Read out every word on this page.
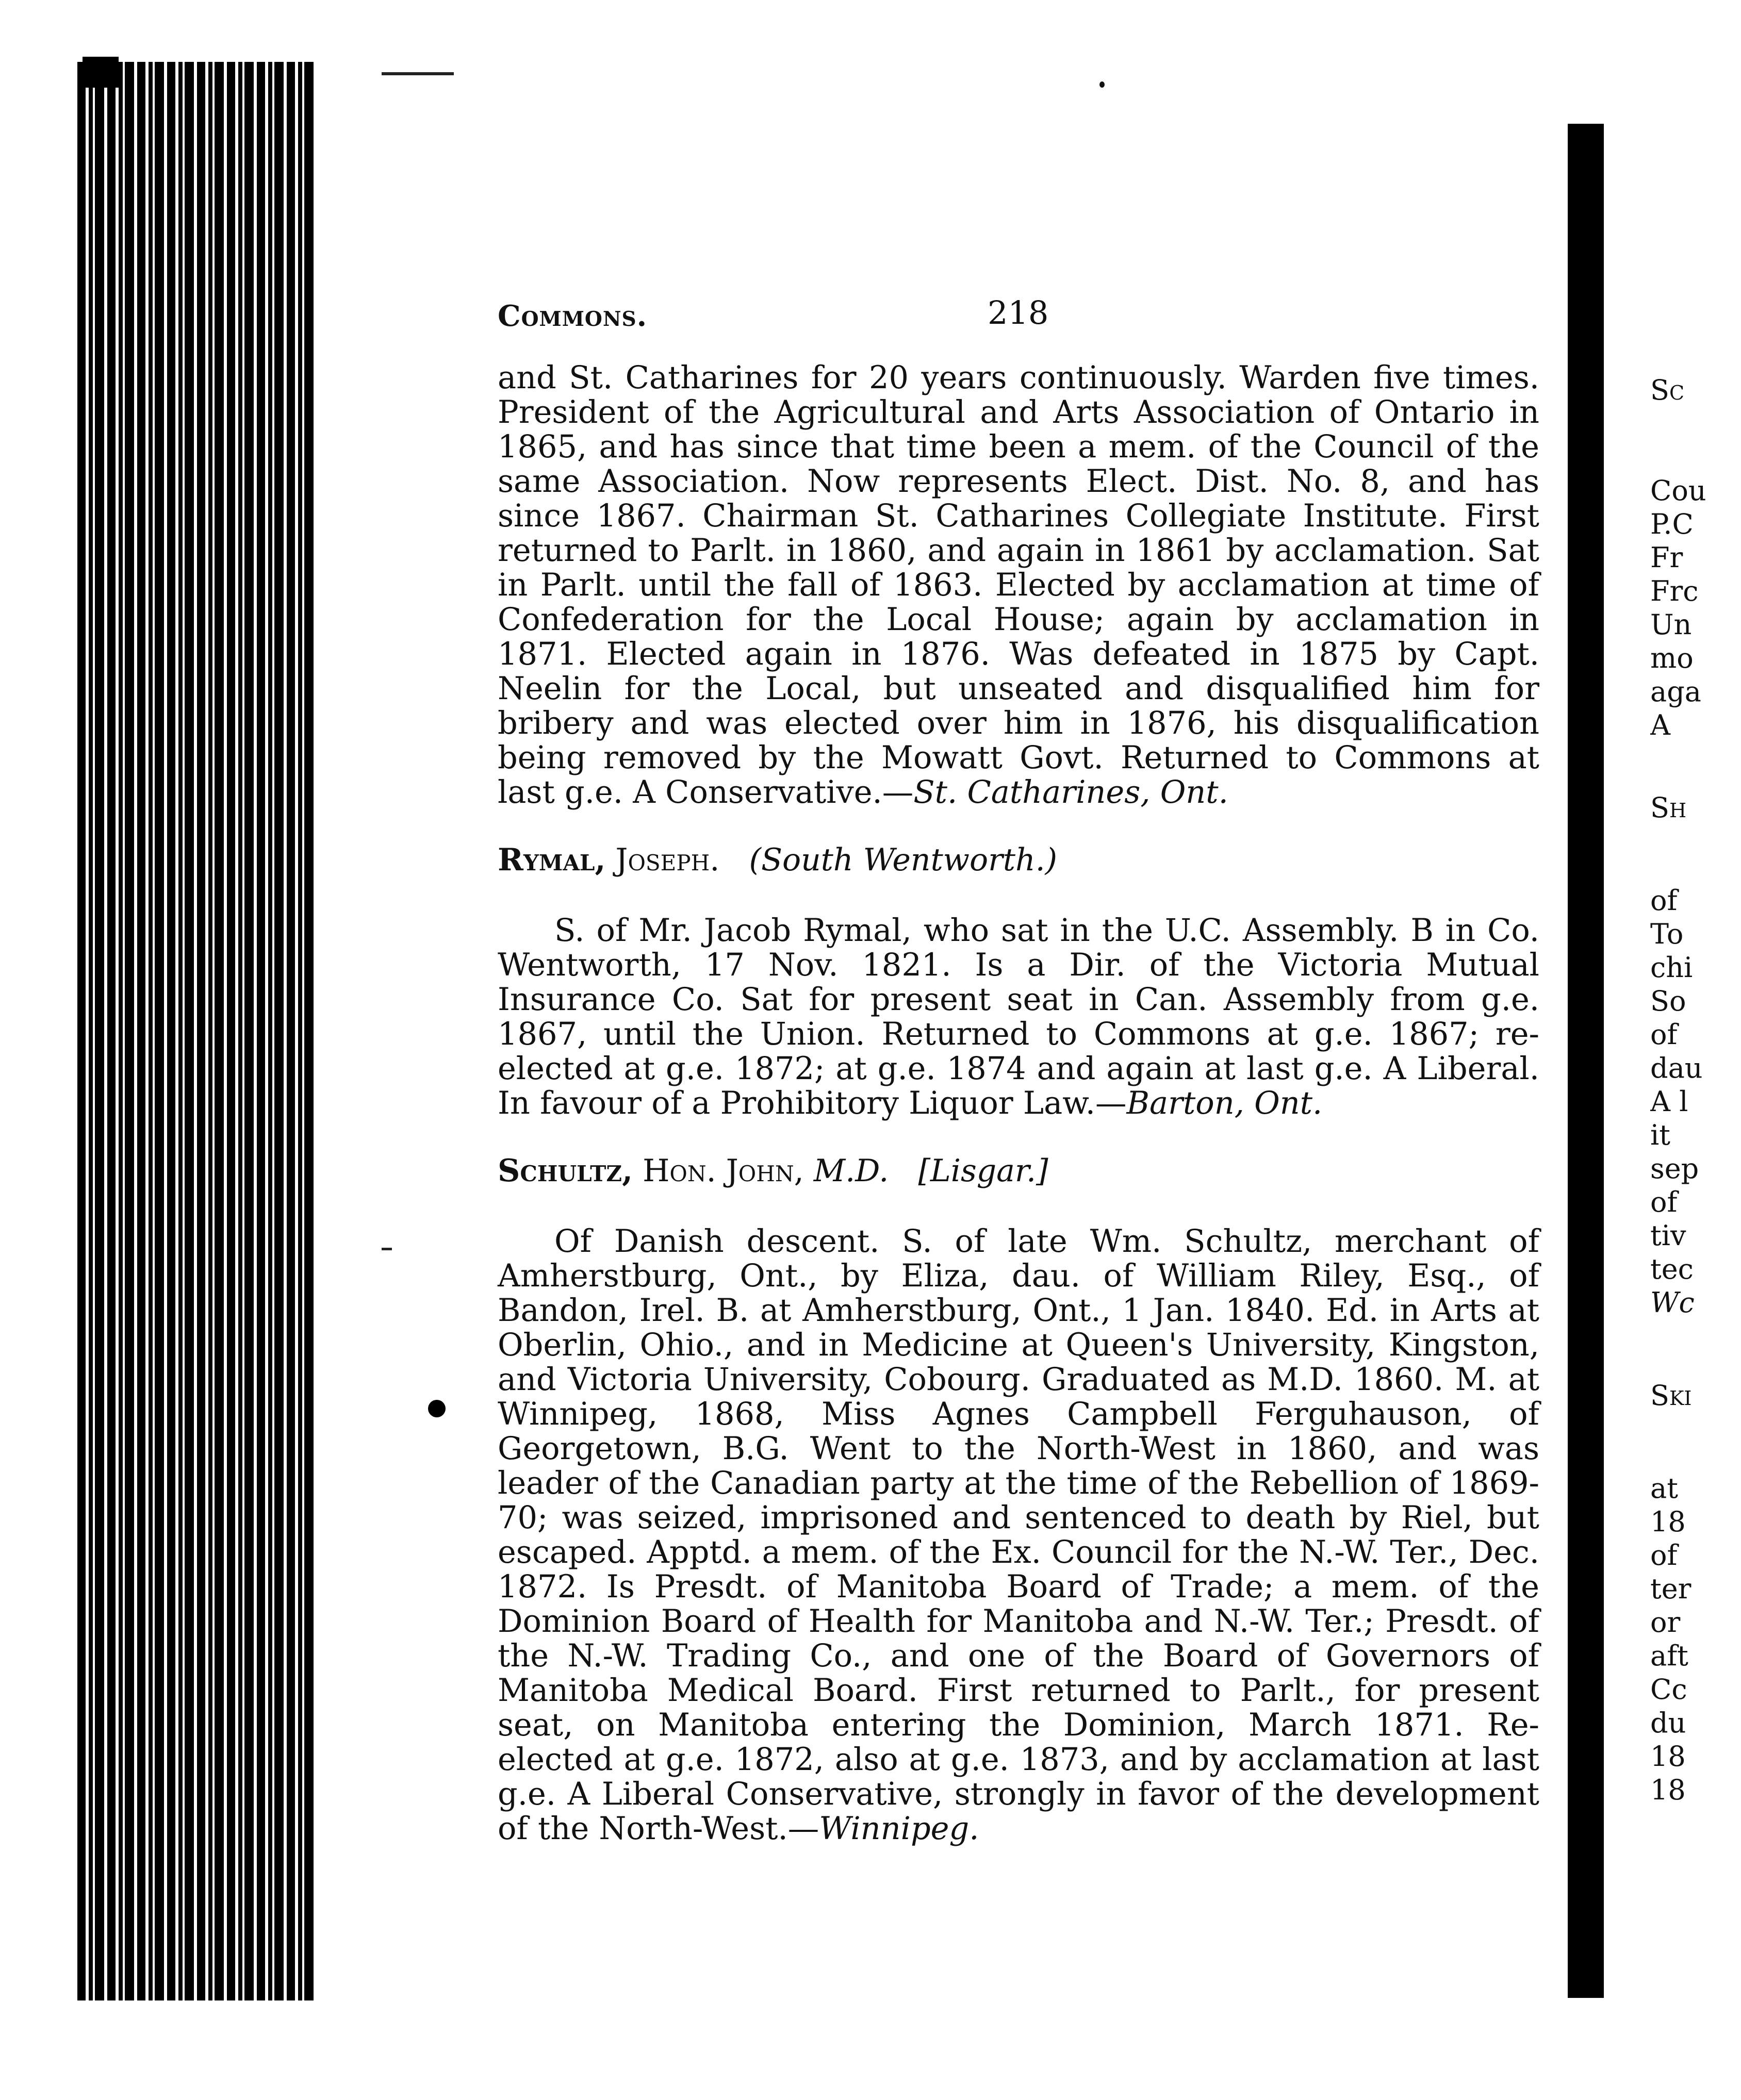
Sc
Cou
P.C
Fr
Frc
Un
mo
aga
A
Sh
of
To
chi
So
of
dau
A l
it
sep
of
tiv
tec
Wc
Ski
at
18
of
ter
or
aft
Cc
du
18
18
Commons.	218

and St. Catharines for 20 years continuously. Warden five times. President of the Agricultural and Arts Association of Ontario in 1865, and has since that time been a mem. of the Council of the same Association. Now represents Elect. Dist. No. 8, and has since 1867. Chairman St. Catharines Collegiate Institute. First returned to Parlt. in 1860, and again in 1861 by acclamation. Sat in Parlt. until the fall of 1863. Elected by acclamation at time of Confederation for the Local House; again by acclamation in 1871. Elected again in 1876. Was defeated in 1875 by Capt. Neelin for the Local, but unseated and disqualified him for bribery and was elected over him in 1876, his disqualification being removed by the Mowatt Govt. Returned to Commons at last g.e. A Conservative.—St. Catharines, Ont.

Rymal, Joseph. (South Wentworth.)

S. of Mr. Jacob Rymal, who sat in the U.C. Assembly. B in Co. Wentworth, 17 Nov. 1821. Is a Dir. of the Victoria Mutual Insurance Co. Sat for present seat in Can. Assembly from g.e. 1867, until the Union. Returned to Commons at g.e. 1867; re-elected at g.e. 1872; at g.e. 1874 and again at last g.e. A Liberal. In favour of a Prohibitory Liquor Law.—Barton, Ont.

Schultz, Hon. John, M.D. [Lisgar.]

Of Danish descent. S. of late Wm. Schultz, merchant of Amherstburg, Ont., by Eliza, dau. of William Riley, Esq., of Bandon, Irel. B. at Amherstburg, Ont., 1 Jan. 1840. Ed. in Arts at Oberlin, Ohio., and in Medicine at Queen's University, Kingston, and Victoria University, Cobourg. Graduated as M.D. 1860. M. at Winnipeg, 1868, Miss Agnes Campbell Ferguhauson, of Georgetown, B.G. Went to the North-West in 1860, and was leader of the Canadian party at the time of the Rebellion of 1869-70; was seized, imprisoned and sentenced to death by Riel, but escaped. Apptd. a mem. of the Ex. Council for the N.-W. Ter., Dec. 1872. Is Presdt. of Manitoba Board of Trade; a mem. of the Dominion Board of Health for Manitoba and N.-W. Ter.; Presdt. of the N.-W. Trading Co., and one of the Board of Governors of Manitoba Medical Board. First returned to Parlt., for present seat, on Manitoba entering the Dominion, March 1871. Re-elected at g.e. 1872, also at g.e. 1873, and by acclamation at last g.e. A Liberal Conservative, strongly in favor of the development of the North-West.—Winnipeg.
